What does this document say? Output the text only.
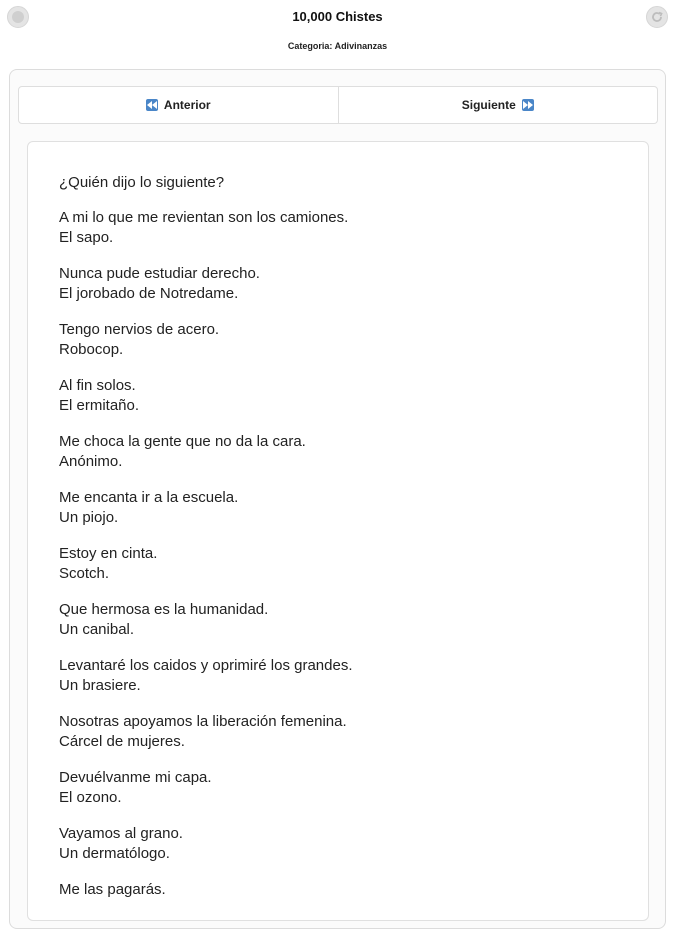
10,000 Chistes
Categoria: Adivinanzas
Anterior	Siguiente

¿Quién dijo lo siguiente?

A mi lo que me revientan son los camiones.
El sapo.
Nunca pude estudiar derecho.
El jorobado de Notredame.
Tengo nervios de acero.
Robocop.
Al fin solos.
El ermitaño.
Me choca la gente que no da la cara.
Anónimo.
Me encanta ir a la escuela.
Un piojo.
Estoy en cinta.
Scotch.
Que hermosa es la humanidad.
Un canibal.
Levantaré los caidos y oprimiré los grandes.
Un brasiere.
Nosotras apoyamos la liberación femenina.
Cárcel de mujeres.
Devuélvanme mi capa.
El ozono.
Vayamos al grano.
Un dermatólogo.
Me las pagarás.
